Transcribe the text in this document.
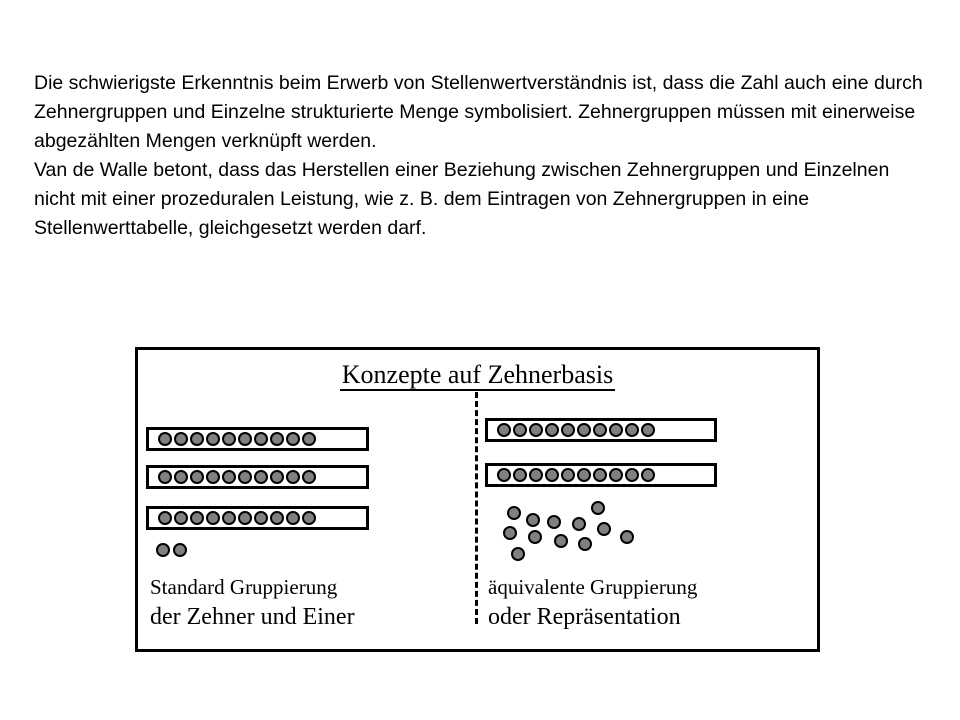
Die schwierigste Erkenntnis beim Erwerb von Stellenwertverständnis ist, dass die Zahl auch eine durch Zehnergruppen und Einzelne strukturierte Menge symbolisiert. Zehnergruppen müssen mit einerweise abgezählten Mengen verknüpft werden.

Van de Walle betont, dass das Herstellen einer Beziehung zwischen Zehnergruppen und Einzelnen nicht mit einer prozeduralen Leistung, wie z. B. dem Eintragen von Zehnergruppen in eine Stellenwerttabelle, gleichgesetzt werden darf.

Konzepte auf Zehnerbasis
Standard Gruppierung
der Zehner und Einer
äquivalente Gruppierung
oder Repräsentation
